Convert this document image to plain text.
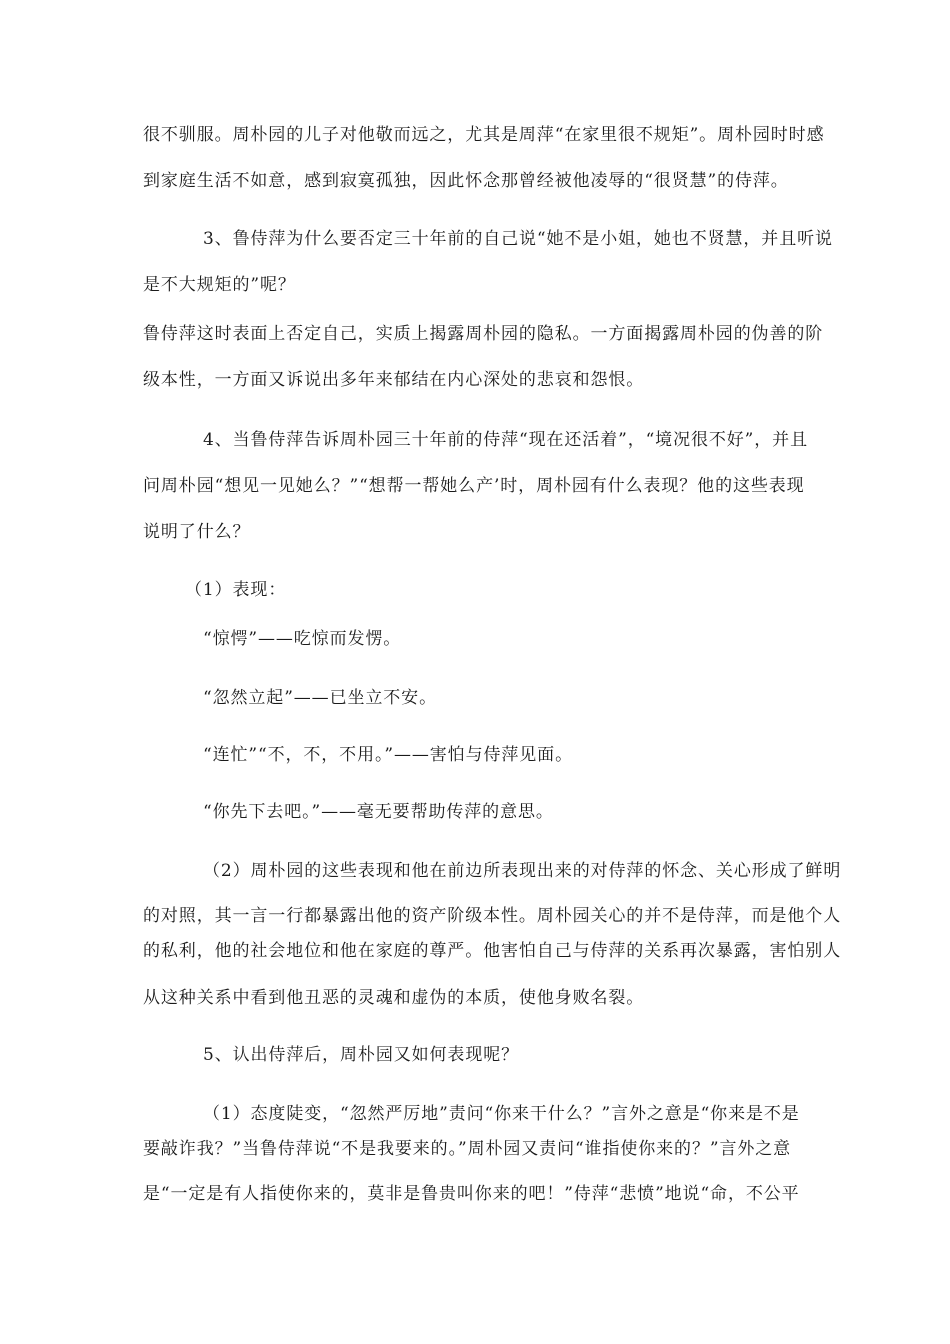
很不驯服。周朴园的儿子对他敬而远之，尤其是周萍“在家里很不规矩”。周朴园时时感
到家庭生活不如意，感到寂寞孤独，因此怀念那曾经被他凌辱的“很贤慧”的侍萍。
3、鲁侍萍为什么要否定三十年前的自己说“她不是小姐，她也不贤慧，并且听说
是不大规矩的”呢？
鲁侍萍这时表面上否定自己，实质上揭露周朴园的隐私。一方面揭露周朴园的伪善的阶
级本性，一方面又诉说出多年来郁结在内心深处的悲哀和怨恨。
4、当鲁侍萍告诉周朴园三十年前的侍萍“现在还活着”，“境况很不好”，并且
问周朴园“想见一见她么？”“想帮一帮她么产’时，周朴园有什么表现？他的这些表现
说明了什么？
（1）表现：
“惊愕”——吃惊而发愣。
“忽然立起”——已坐立不安。
“连忙”“不，不，不用。”——害怕与侍萍见面。
“你先下去吧。”——毫无要帮助传萍的意思。
（2）周朴园的这些表现和他在前边所表现出来的对侍萍的怀念、关心形成了鲜明
的对照，其一言一行都暴露出他的资产阶级本性。周朴园关心的并不是侍萍，而是他个人
的私利，他的社会地位和他在家庭的尊严。他害怕自己与侍萍的关系再次暴露，害怕别人
从这种关系中看到他丑恶的灵魂和虚伪的本质，使他身败名裂。
5、认出侍萍后，周朴园又如何表现呢？
（1）态度陡变，“忽然严厉地”责问“你来干什么？”言外之意是“你来是不是
要敲诈我？”当鲁侍萍说“不是我要来的。”周朴园又责问“谁指使你来的？”言外之意
是“一定是有人指使你来的，莫非是鲁贵叫你来的吧！”侍萍“悲愤”地说“命，不公平
